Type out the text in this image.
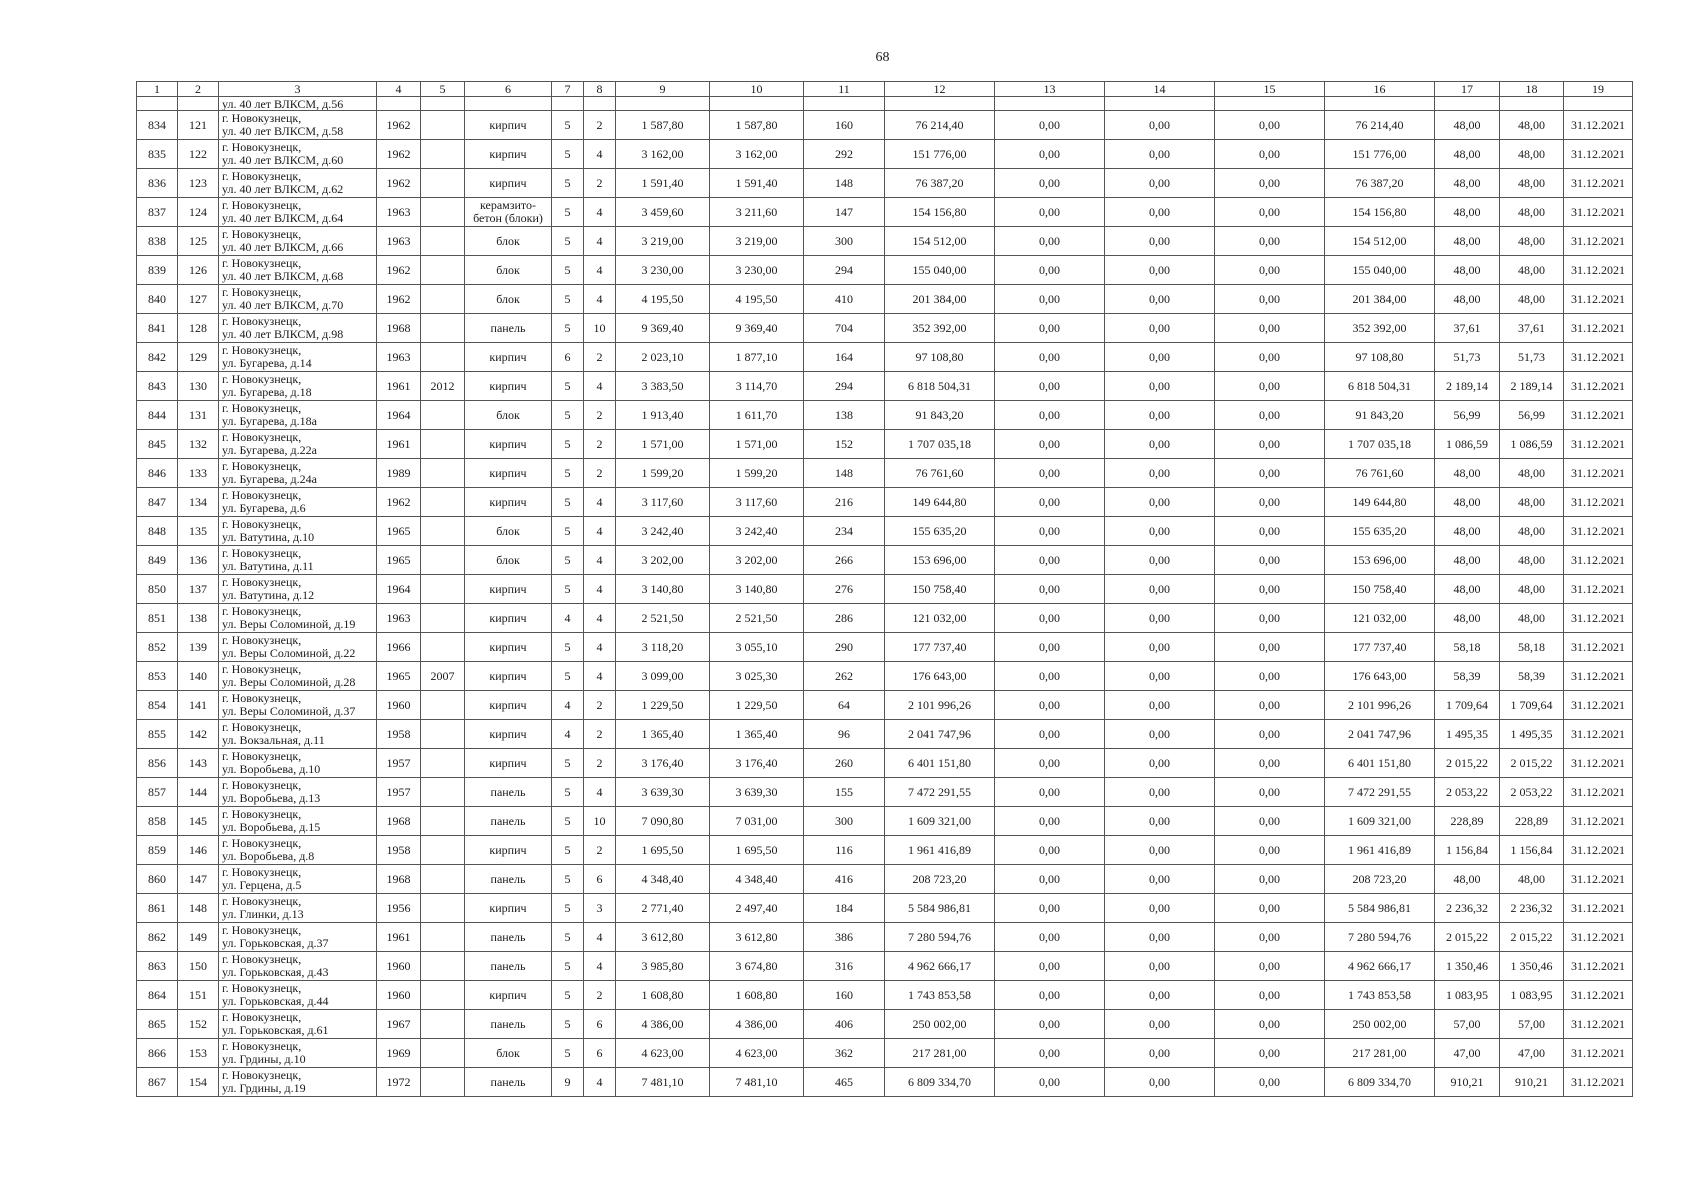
68
1	2	3	4	5	6	7	8	9	10	11	12	13	14	15	16	17	18	19
		ул. 40 лет ВЛКСМ, д.56																
834	121	г. Новокузнецк,
ул. 40 лет ВЛКСМ, д.58	1962		кирпич	5	2	1 587,80	1 587,80	160	76 214,40	0,00	0,00	0,00	76 214,40	48,00	48,00	31.12.2021
835	122	г. Новокузнецк,
ул. 40 лет ВЛКСМ, д.60	1962		кирпич	5	4	3 162,00	3 162,00	292	151 776,00	0,00	0,00	0,00	151 776,00	48,00	48,00	31.12.2021
836	123	г. Новокузнецк,
ул. 40 лет ВЛКСМ, д.62	1962		кирпич	5	2	1 591,40	1 591,40	148	76 387,20	0,00	0,00	0,00	76 387,20	48,00	48,00	31.12.2021
837	124	г. Новокузнецк,
ул. 40 лет ВЛКСМ, д.64	1963		керамзито-
бетон (блоки)	5	4	3 459,60	3 211,60	147	154 156,80	0,00	0,00	0,00	154 156,80	48,00	48,00	31.12.2021
838	125	г. Новокузнецк,
ул. 40 лет ВЛКСМ, д.66	1963		блок	5	4	3 219,00	3 219,00	300	154 512,00	0,00	0,00	0,00	154 512,00	48,00	48,00	31.12.2021
839	126	г. Новокузнецк,
ул. 40 лет ВЛКСМ, д.68	1962		блок	5	4	3 230,00	3 230,00	294	155 040,00	0,00	0,00	0,00	155 040,00	48,00	48,00	31.12.2021
840	127	г. Новокузнецк,
ул. 40 лет ВЛКСМ, д.70	1962		блок	5	4	4 195,50	4 195,50	410	201 384,00	0,00	0,00	0,00	201 384,00	48,00	48,00	31.12.2021
841	128	г. Новокузнецк,
ул. 40 лет ВЛКСМ, д.98	1968		панель	5	10	9 369,40	9 369,40	704	352 392,00	0,00	0,00	0,00	352 392,00	37,61	37,61	31.12.2021
842	129	г. Новокузнецк,
ул. Бугарева, д.14	1963		кирпич	6	2	2 023,10	1 877,10	164	97 108,80	0,00	0,00	0,00	97 108,80	51,73	51,73	31.12.2021
843	130	г. Новокузнецк,
ул. Бугарева, д.18	1961	2012	кирпич	5	4	3 383,50	3 114,70	294	6 818 504,31	0,00	0,00	0,00	6 818 504,31	2 189,14	2 189,14	31.12.2021
844	131	г. Новокузнецк,
ул. Бугарева, д.18а	1964		блок	5	2	1 913,40	1 611,70	138	91 843,20	0,00	0,00	0,00	91 843,20	56,99	56,99	31.12.2021
845	132	г. Новокузнецк,
ул. Бугарева, д.22а	1961		кирпич	5	2	1 571,00	1 571,00	152	1 707 035,18	0,00	0,00	0,00	1 707 035,18	1 086,59	1 086,59	31.12.2021
846	133	г. Новокузнецк,
ул. Бугарева, д.24а	1989		кирпич	5	2	1 599,20	1 599,20	148	76 761,60	0,00	0,00	0,00	76 761,60	48,00	48,00	31.12.2021
847	134	г. Новокузнецк,
ул. Бугарева, д.6	1962		кирпич	5	4	3 117,60	3 117,60	216	149 644,80	0,00	0,00	0,00	149 644,80	48,00	48,00	31.12.2021
848	135	г. Новокузнецк,
ул. Ватутина, д.10	1965		блок	5	4	3 242,40	3 242,40	234	155 635,20	0,00	0,00	0,00	155 635,20	48,00	48,00	31.12.2021
849	136	г. Новокузнецк,
ул. Ватутина, д.11	1965		блок	5	4	3 202,00	3 202,00	266	153 696,00	0,00	0,00	0,00	153 696,00	48,00	48,00	31.12.2021
850	137	г. Новокузнецк,
ул. Ватутина, д.12	1964		кирпич	5	4	3 140,80	3 140,80	276	150 758,40	0,00	0,00	0,00	150 758,40	48,00	48,00	31.12.2021
851	138	г. Новокузнецк,
ул. Веры Соломиной, д.19	1963		кирпич	4	4	2 521,50	2 521,50	286	121 032,00	0,00	0,00	0,00	121 032,00	48,00	48,00	31.12.2021
852	139	г. Новокузнецк,
ул. Веры Соломиной, д.22	1966		кирпич	5	4	3 118,20	3 055,10	290	177 737,40	0,00	0,00	0,00	177 737,40	58,18	58,18	31.12.2021
853	140	г. Новокузнецк,
ул. Веры Соломиной, д.28	1965	2007	кирпич	5	4	3 099,00	3 025,30	262	176 643,00	0,00	0,00	0,00	176 643,00	58,39	58,39	31.12.2021
854	141	г. Новокузнецк,
ул. Веры Соломиной, д.37	1960		кирпич	4	2	1 229,50	1 229,50	64	2 101 996,26	0,00	0,00	0,00	2 101 996,26	1 709,64	1 709,64	31.12.2021
855	142	г. Новокузнецк,
ул. Вокзальная, д.11	1958		кирпич	4	2	1 365,40	1 365,40	96	2 041 747,96	0,00	0,00	0,00	2 041 747,96	1 495,35	1 495,35	31.12.2021
856	143	г. Новокузнецк,
ул. Воробьева, д.10	1957		кирпич	5	2	3 176,40	3 176,40	260	6 401 151,80	0,00	0,00	0,00	6 401 151,80	2 015,22	2 015,22	31.12.2021
857	144	г. Новокузнецк,
ул. Воробьева, д.13	1957		панель	5	4	3 639,30	3 639,30	155	7 472 291,55	0,00	0,00	0,00	7 472 291,55	2 053,22	2 053,22	31.12.2021
858	145	г. Новокузнецк,
ул. Воробьева, д.15	1968		панель	5	10	7 090,80	7 031,00	300	1 609 321,00	0,00	0,00	0,00	1 609 321,00	228,89	228,89	31.12.2021
859	146	г. Новокузнецк,
ул. Воробьева, д.8	1958		кирпич	5	2	1 695,50	1 695,50	116	1 961 416,89	0,00	0,00	0,00	1 961 416,89	1 156,84	1 156,84	31.12.2021
860	147	г. Новокузнецк,
ул. Герцена, д.5	1968		панель	5	6	4 348,40	4 348,40	416	208 723,20	0,00	0,00	0,00	208 723,20	48,00	48,00	31.12.2021
861	148	г. Новокузнецк,
ул. Глинки, д.13	1956		кирпич	5	3	2 771,40	2 497,40	184	5 584 986,81	0,00	0,00	0,00	5 584 986,81	2 236,32	2 236,32	31.12.2021
862	149	г. Новокузнецк,
ул. Горьковская, д.37	1961		панель	5	4	3 612,80	3 612,80	386	7 280 594,76	0,00	0,00	0,00	7 280 594,76	2 015,22	2 015,22	31.12.2021
863	150	г. Новокузнецк,
ул. Горьковская, д.43	1960		панель	5	4	3 985,80	3 674,80	316	4 962 666,17	0,00	0,00	0,00	4 962 666,17	1 350,46	1 350,46	31.12.2021
864	151	г. Новокузнецк,
ул. Горьковская, д.44	1960		кирпич	5	2	1 608,80	1 608,80	160	1 743 853,58	0,00	0,00	0,00	1 743 853,58	1 083,95	1 083,95	31.12.2021
865	152	г. Новокузнецк,
ул. Горьковская, д.61	1967		панель	5	6	4 386,00	4 386,00	406	250 002,00	0,00	0,00	0,00	250 002,00	57,00	57,00	31.12.2021
866	153	г. Новокузнецк,
ул. Грдины, д.10	1969		блок	5	6	4 623,00	4 623,00	362	217 281,00	0,00	0,00	0,00	217 281,00	47,00	47,00	31.12.2021
867	154	г. Новокузнецк,
ул. Грдины, д.19	1972		панель	9	4	7 481,10	7 481,10	465	6 809 334,70	0,00	0,00	0,00	6 809 334,70	910,21	910,21	31.12.2021
